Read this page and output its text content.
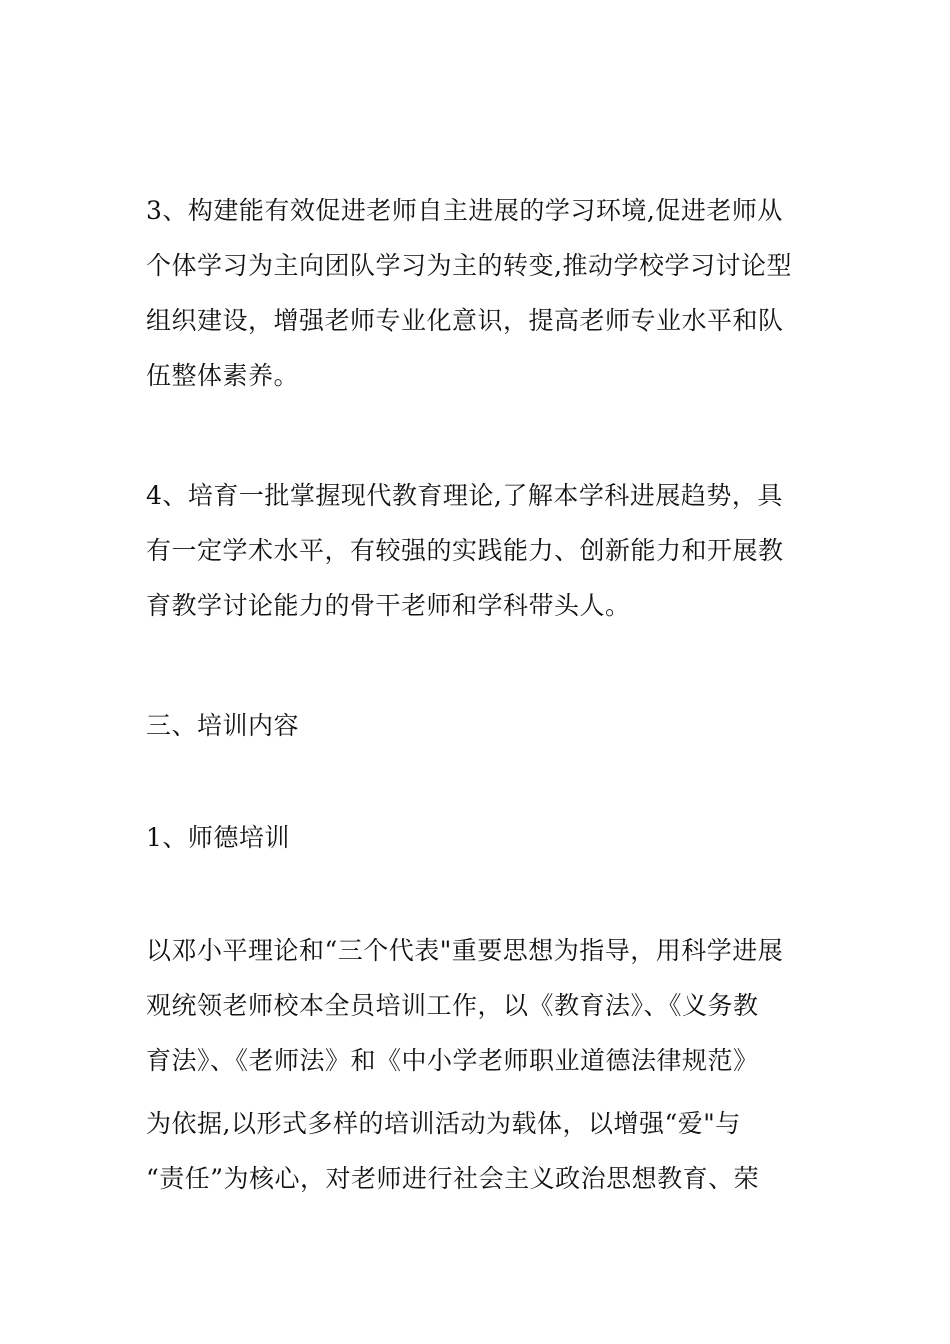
3、构建能有效促进老师自主进展的学习环境,促进老师从
个体学习为主向团队学习为主的转变,推动学校学习讨论型
组织建设，增强老师专业化意识，提高老师专业水平和队
伍整体素养。
4、培育一批掌握现代教育理论,了解本学科进展趋势，具
有一定学术水平，有较强的实践能力、创新能力和开展教
育教学讨论能力的骨干老师和学科带头人。
三、培训内容
1、师德培训
以邓小平理论和“三个代表"重要思想为指导，用科学进展
观统领老师校本全员培训工作，以《教育法》、《义务教
育法》、《老师法》和《中小学老师职业道德法律规范》
为依据,以形式多样的培训活动为载体，以增强“爱"与
“责任”为核心，对老师进行社会主义政治思想教育、荣
